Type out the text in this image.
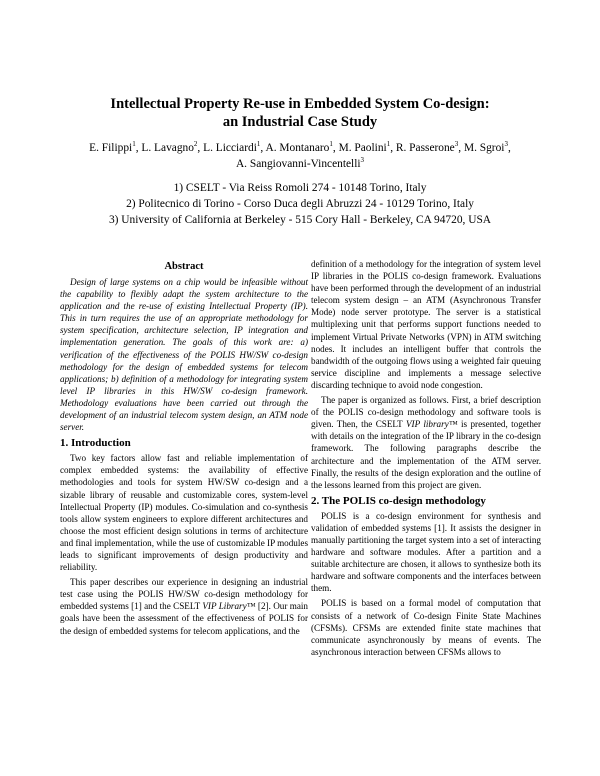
Intellectual Property Re-use in Embedded System Co-design:
an Industrial Case Study
E. Filippi$^1$, L. Lavagno$^2$, L. Licciardi$^1$, A. Montanaro$^1$, M. Paolini$^1$, R. Passerone$^3$, M. Sgroi$^3$,
A. Sangiovanni-Vincentelli$^3$
1) CSELT - Via Reiss Romoli 274 - 10148 Torino, Italy
2) Politecnico di Torino - Corso Duca degli Abruzzi 24 - 10129 Torino, Italy
3) University of California at Berkeley - 515 Cory Hall - Berkeley, CA 94720, USA
Abstract
Design of large systems on a chip would be infeasible without the capability to flexibly adapt the system architecture to the application and the re-use of existing Intellectual Property (IP). This in turn requires the use of an appropriate methodology for system specification, architecture selection, IP integration and implementation generation. The goals of this work are: a) verification of the effectiveness of the POLIS HW/SW co-design methodology for the design of embedded systems for telecom applications; b) definition of a methodology for integrating system level IP libraries in this HW/SW co-design framework. Methodology evaluations have been carried out through the development of an industrial telecom system design, an ATM node server.
1. Introduction
Two key factors allow fast and reliable implementation of complex embedded systems: the availability of effective methodologies and tools for system HW/SW co-design and a sizable library of reusable and customizable cores, system-level Intellectual Property (IP) modules. Co-simulation and co-synthesis tools allow system engineers to explore different architectures and choose the most efficient design solutions in terms of architecture and final implementation, while the use of customizable IP modules leads to significant improvements of design productivity and reliability.
This paper describes our experience in designing an industrial test case using the POLIS HW/SW co-design methodology for embedded systems [1] and the CSELT VIP Library™ [2]. Our main goals have been the assessment of the effectiveness of POLIS for the design of embedded systems for telecom applications, and the
definition of a methodology for the integration of system level IP libraries in the POLIS co-design framework. Evaluations have been performed through the development of an industrial telecom system design – an ATM (Asynchronous Transfer Mode) node server prototype. The server is a statistical multiplexing unit that performs support functions needed to implement Virtual Private Networks (VPN) in ATM switching nodes. It includes an intelligent buffer that controls the bandwidth of the outgoing flows using a weighted fair queuing service discipline and implements a message selective discarding technique to avoid node congestion.
The paper is organized as follows. First, a brief description of the POLIS co-design methodology and software tools is given. Then, the CSELT VIP library™ is presented, together with details on the integration of the IP library in the co-design framework. The following paragraphs describe the architecture and the implementation of the ATM server. Finally, the results of the design exploration and the outline of the lessons learned from this project are given.
2. The POLIS co-design methodology
POLIS is a co-design environment for synthesis and validation of embedded systems [1]. It assists the designer in manually partitioning the target system into a set of interacting hardware and software modules. After a partition and a suitable architecture are chosen, it allows to synthesize both its hardware and software components and the interfaces between them.
POLIS is based on a formal model of computation that consists of a network of Co-design Finite State Machines (CFSMs). CFSMs are extended finite state machines that communicate asynchronously by means of events. The asynchronous interaction between CFSMs allows to
